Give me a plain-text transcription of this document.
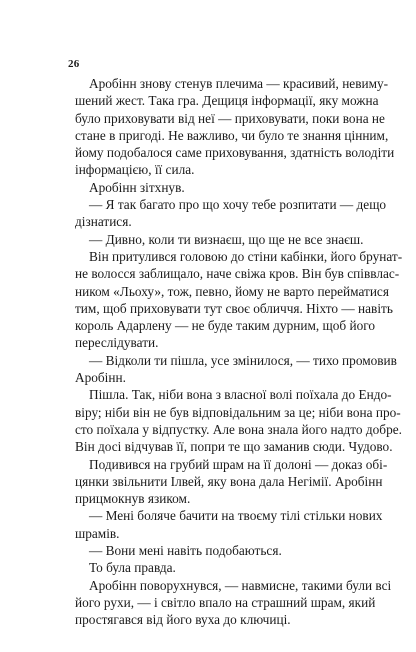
26

Аробінн знову стенув плечима — красивий, невиму-
шений жест. Така гра. Дещиця інформації, яку можна
було приховувати від неї — приховувати, поки вона не
стане в пригоді. Не важливо, чи було те знання цінним,
йому подобалося саме приховування, здатність володіти
інформацією, її сила.

Аробінн зітхнув.

— Я так багато про що хочу тебе розпитати — дещо
дізнатися.

— Дивно, коли ти визнаєш, що ще не все знаєш.

Він притулився головою до стіни кабінки, його брунат-
не волосся заблищало, наче свіжа кров. Він був співвлас-
ником «Льоху», тож, певно, йому не варто перейматися
тим, щоб приховувати тут своє обличчя. Ніхто — навіть
король Адарлену — не буде таким дурним, щоб його
переслідувати.

— Відколи ти пішла, усе змінилося, — тихо промовив
Аробінн.

Пішла. Так, ніби вона з власної волі поїхала до Ендо-
віру; ніби він не був відповідальним за це; ніби вона про-
сто поїхала у відпустку. Але вона знала його надто добре.
Він досі відчував її, попри те що заманив сюди. Чудово.

Подивився на грубий шрам на її долоні — доказ обі-
цянки звільнити Ілвей, яку вона дала Негімії. Аробінн
прицмокнув язиком.

— Мені боляче бачити на твоєму тілі стільки нових
шрамів.

— Вони мені навіть подобаються.

То була правда.

Аробінн поворухнувся, — навмисне, такими були всі
його рухи, — і світло впало на страшний шрам, який
простягався від його вуха до ключиці.
